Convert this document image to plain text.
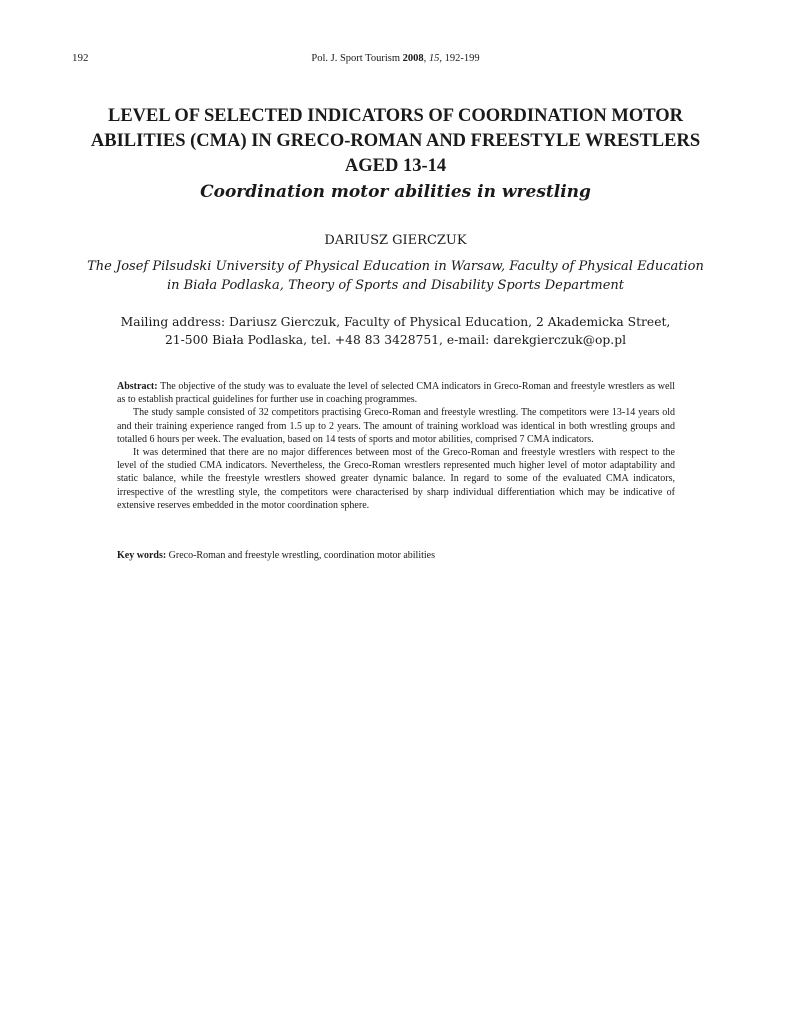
192	Pol. J. Sport Tourism 2008, 15, 192-199
LEVEL OF SELECTED INDICATORS OF COORDINATION MOTOR
ABILITIES (CMA) IN GRECO-ROMAN AND FREESTYLE WRESTLERS
AGED 13-14
Coordination motor abilities in wrestling
DARIUSZ GIERCZUK
The Josef Pilsudski University of Physical Education in Warsaw, Faculty of Physical Education
in Biała Podlaska, Theory of Sports and Disability Sports Department
Mailing address: Dariusz Gierczuk, Faculty of Physical Education, 2 Akademicka Street,
21-500 Biała Podlaska, tel. +48 83 3428751, e-mail: darekgierczuk@op.pl

Abstract: The objective of the study was to evaluate the level of selected CMA indicators in Greco-Roman and freestyle wrestlers as well as to establish practical guidelines for further use in coaching programmes.

The study sample consisted of 32 competitors practising Greco-Roman and freestyle wrestling. The competitors were 13-14 years old and their training experience ranged from 1.5 up to 2 years. The amount of training workload was identical in both wrestling groups and totalled 6 hours per week. The evaluation, based on 14 tests of sports and motor abilities, comprised 7 CMA indicators.

It was determined that there are no major differences between most of the Greco-Roman and freestyle wrestlers with respect to the level of the studied CMA indicators. Nevertheless, the Greco-Roman wrestlers represented much higher level of motor adaptability and static balance, while the freestyle wrestlers showed greater dynamic balance. In regard to some of the evaluated CMA indicators, irrespective of the wrestling style, the competitors were characterised by sharp individual differentiation which may be indicative of extensive reserves embedded in the motor coordination sphere.

Key words: Greco-Roman and freestyle wrestling, coordination motor abilities
